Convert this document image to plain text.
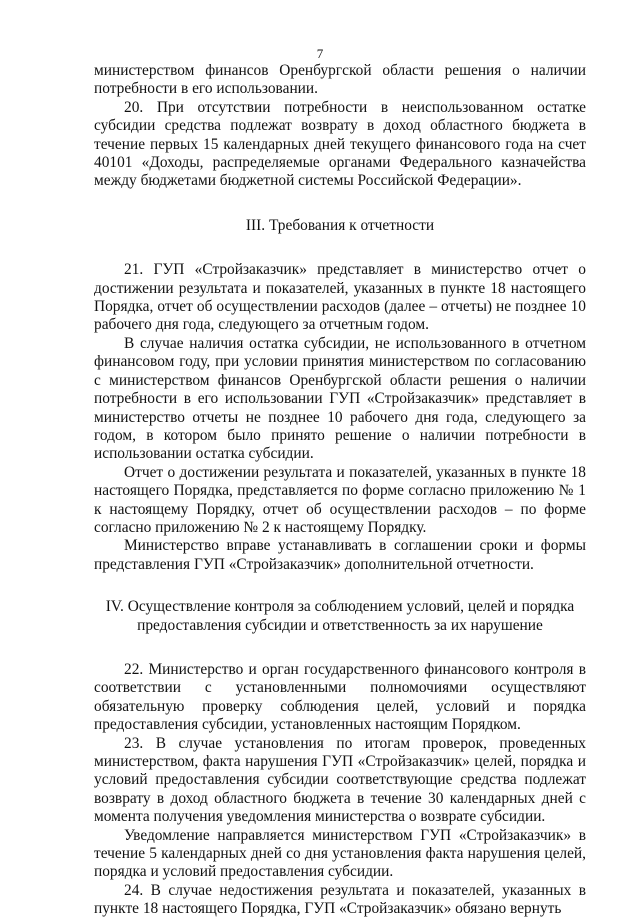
7

министерством финансов Оренбургской области решения о наличии потребности в его использовании.

20. При отсутствии потребности в неиспользованном остатке субсидии средства подлежат возврату в доход областного бюджета в течение первых 15 календарных дней текущего финансового года на счет 40101 «Доходы, распределяемые органами Федерального казначейства между бюджетами бюджетной системы Российской Федерации».

III. Требования к отчетности

21. ГУП «Стройзаказчик» представляет в министерство отчет о достижении результата и показателей, указанных в пункте 18 настоящего Порядка, отчет об осуществлении расходов (далее – отчеты) не позднее 10 рабочего дня года, следующего за отчетным годом.

В случае наличия остатка субсидии, не использованного в отчетном финансовом году, при условии принятия министерством по согласованию с министерством финансов Оренбургской области решения о наличии потребности в его использовании ГУП «Стройзаказчик» представляет в министерство отчеты не позднее 10 рабочего дня года, следующего за годом, в котором было принято решение о наличии потребности в использовании остатка субсидии.

Отчет о достижении результата и показателей, указанных в пункте 18 настоящего Порядка, представляется по форме согласно приложению № 1 к настоящему Порядку, отчет об осуществлении расходов – по форме согласно приложению № 2 к настоящему Порядку.

Министерство вправе устанавливать в соглашении сроки и формы представления ГУП «Стройзаказчик» дополнительной отчетности.

IV. Осуществление контроля за соблюдением условий, целей и порядка
предоставления субсидии и ответственность за их нарушение

22. Министерство и орган государственного финансового контроля в соответствии с установленными полномочиями осуществляют обязательную проверку соблюдения целей, условий и порядка предоставления субсидии, установленных настоящим Порядком.

23. В случае установления по итогам проверок, проведенных министерством, факта нарушения ГУП «Стройзаказчик» целей, порядка и условий предоставления субсидии соответствующие средства подлежат возврату в доход областного бюджета в течение 30 календарных дней с момента получения уведомления министерства о возврате субсидии.

Уведомление направляется министерством ГУП «Стройзаказчик» в течение 5 календарных дней со дня установления факта нарушения целей, порядка и условий предоставления субсидии.

24. В случае недостижения результата и показателей, указанных в пункте 18 настоящего Порядка, ГУП «Стройзаказчик» обязано вернуть
